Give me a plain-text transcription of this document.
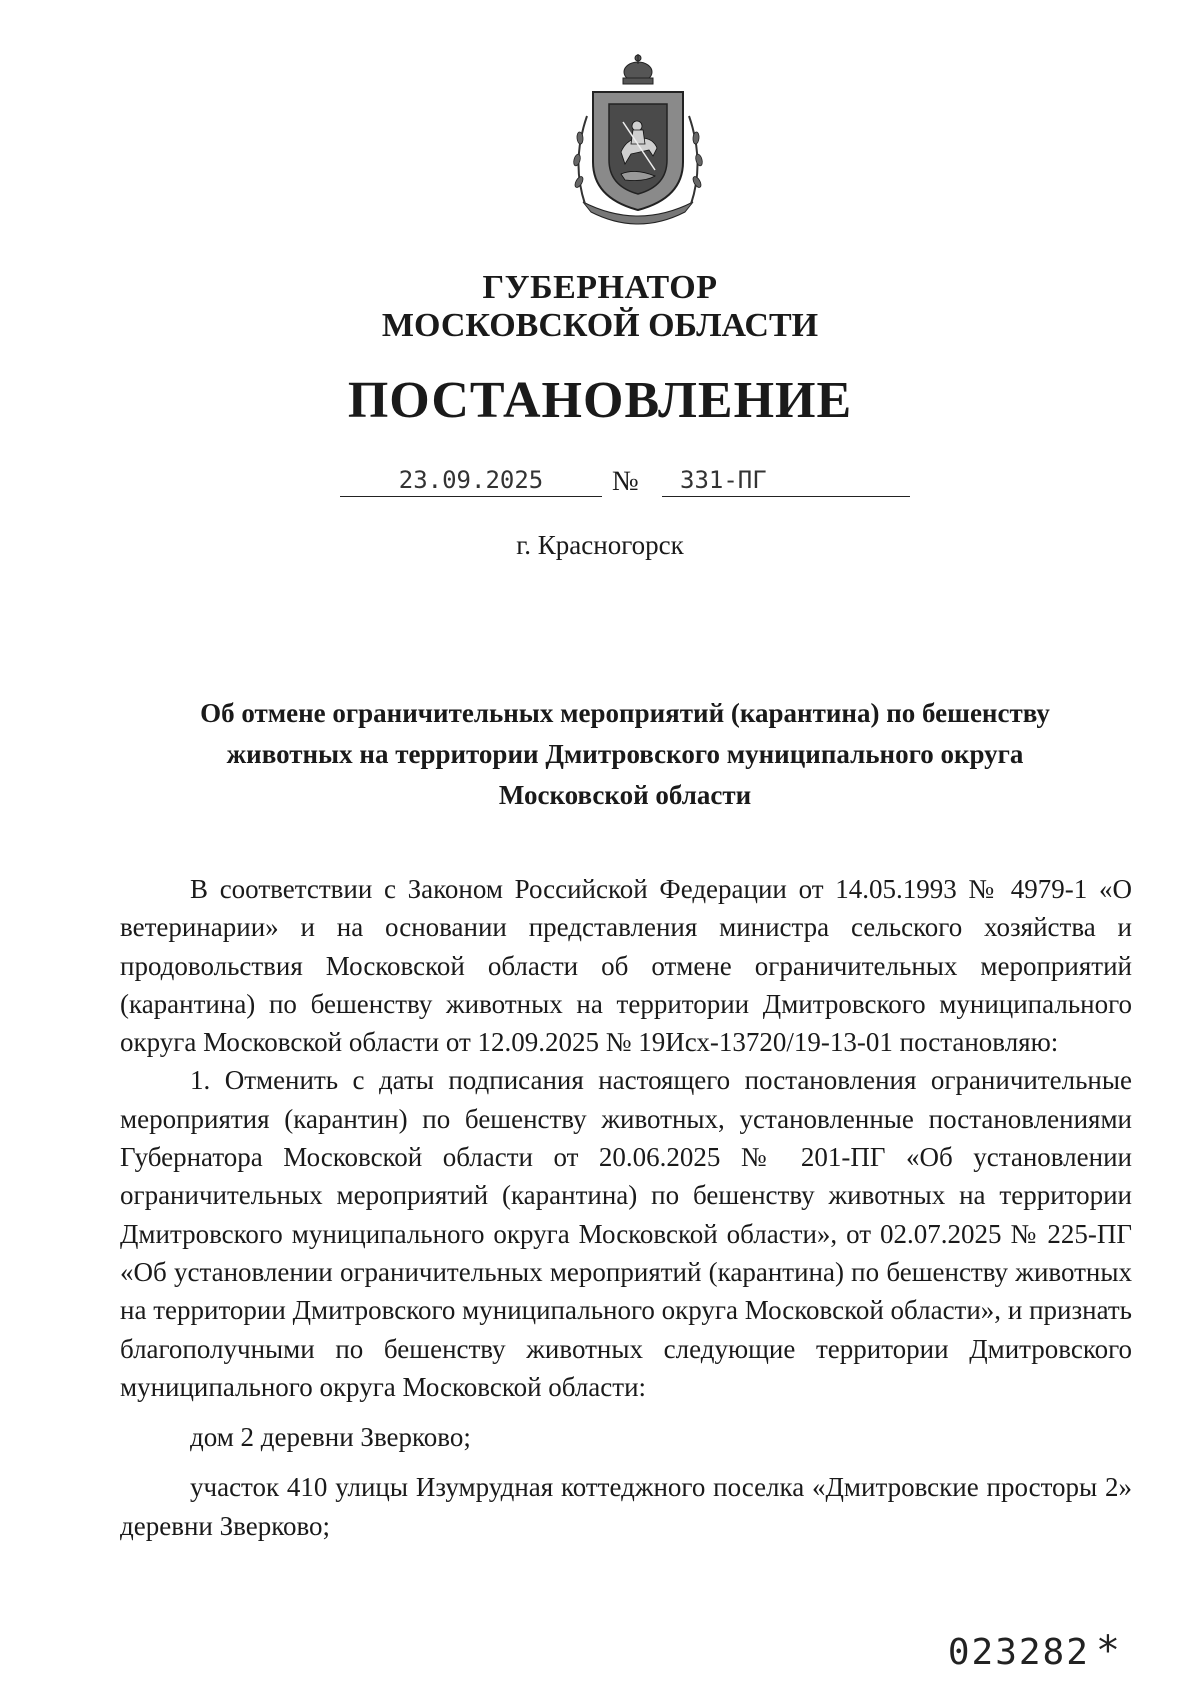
ГУБЕРНАТОР
МОСКОВСКОЙ ОБЛАСТИ
ПОСТАНОВЛЕНИЕ
23.09.2025	№	331-ПГ
г. Красногорск
Об отмене ограничительных мероприятий (карантина) по бешенству животных на территории Дмитровского муниципального округа Московской области

В соответствии с Законом Российской Федерации от 14.05.1993 № 4979-1 «О ветеринарии» и на основании представления министра сельского хозяйства и продовольствия Московской области об отмене ограничительных мероприятий (карантина) по бешенству животных на территории Дмитровского муниципального округа Московской области от 12.09.2025 № 19Исх-13720/19-13-01 постановляю:

1. Отменить с даты подписания настоящего постановления ограничительные мероприятия (карантин) по бешенству животных, установленные постановлениями Губернатора Московской области от 20.06.2025 № 201-ПГ «Об установлении ограничительных мероприятий (карантина) по бешенству животных на территории Дмитровского муниципального округа Московской области», от 02.07.2025 № 225-ПГ «Об установлении ограничительных мероприятий (карантина) по бешенству животных на территории Дмитровского муниципального округа Московской области», и признать благополучными по бешенству животных следующие территории Дмитровского муниципального округа Московской области:

дом 2 деревни Зверково;

участок 410 улицы Изумрудная коттеджного поселка «Дмитровские просторы 2» деревни Зверково;

023282 *
